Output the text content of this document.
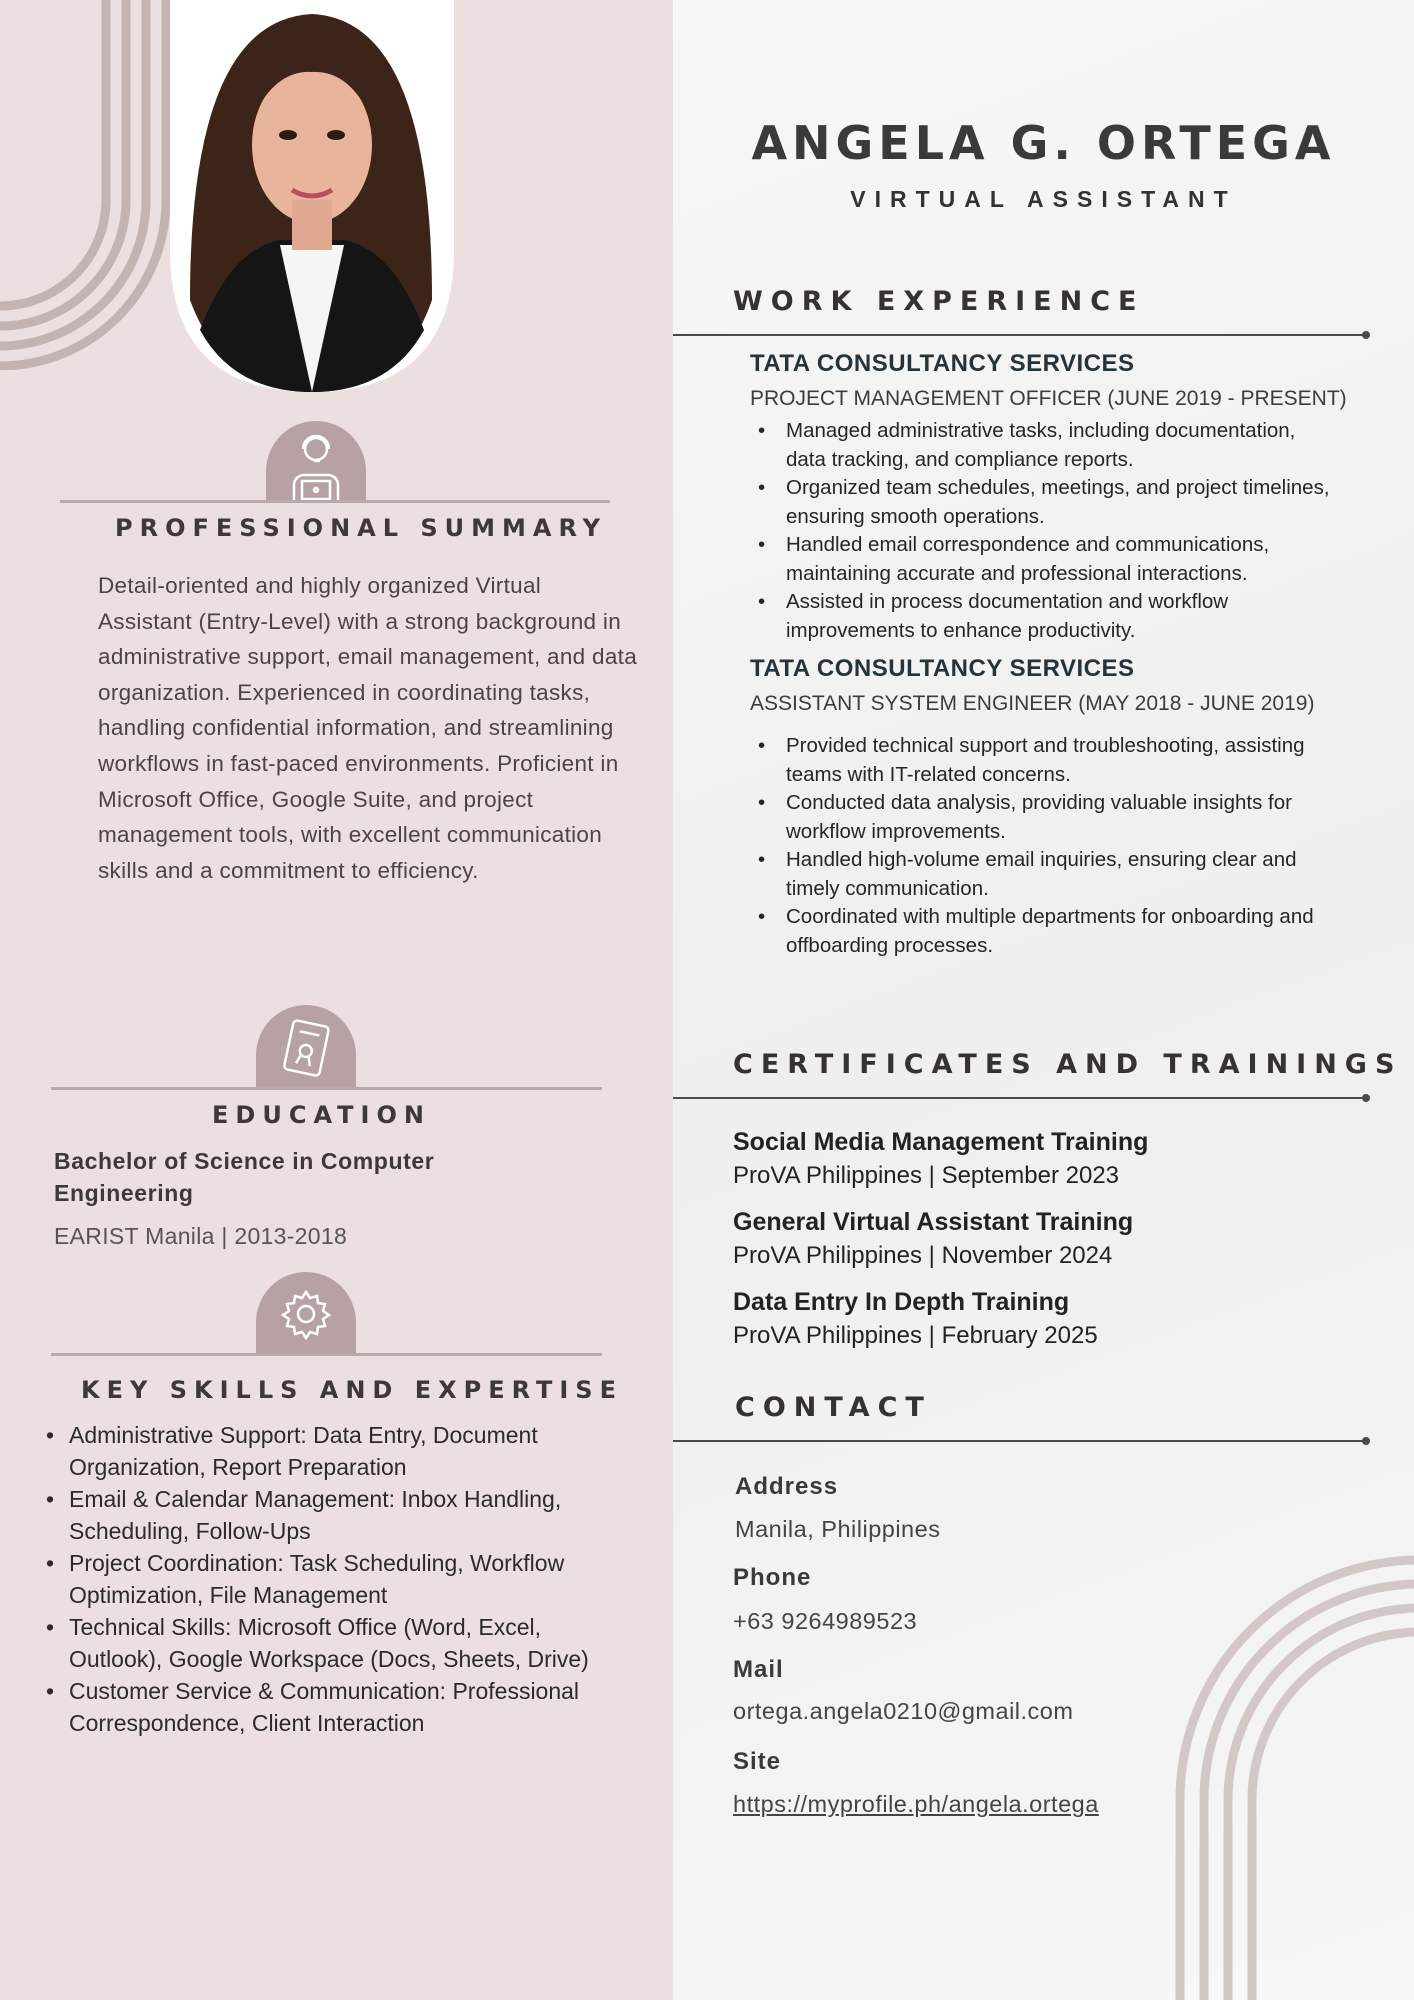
ANGELA G. ORTEGA
VIRTUAL ASSISTANT
WORK EXPERIENCE
TATA CONSULTANCY SERVICES
PROJECT MANAGEMENT OFFICER (JUNE 2019 - PRESENT)
• Managed administrative tasks, including documentation, data tracking, and compliance reports.
• Organized team schedules, meetings, and project timelines, ensuring smooth operations.
• Handled email correspondence and communications, maintaining accurate and professional interactions.
• Assisted in process documentation and workflow improvements to enhance productivity.
TATA CONSULTANCY SERVICES
ASSISTANT SYSTEM ENGINEER (MAY 2018 - JUNE 2019)
• Provided technical support and troubleshooting, assisting teams with IT-related concerns.
• Conducted data analysis, providing valuable insights for workflow improvements.
• Handled high-volume email inquiries, ensuring clear and timely communication.
• Coordinated with multiple departments for onboarding and offboarding processes.
CERTIFICATES AND TRAININGS
Social Media Management Training
ProVA Philippines | September 2023
General Virtual Assistant Training
ProVA Philippines | November 2024
Data Entry In Depth Training
ProVA Philippines | February 2025
CONTACT
Address
Manila, Philippines
Phone
+63 9264989523
Mail
ortega.angela0210@gmail.com
Site
https://myprofile.ph/angela.ortega
PROFESSIONAL SUMMARY
Detail-oriented and highly organized Virtual Assistant (Entry-Level) with a strong background in administrative support, email management, and data organization. Experienced in coordinating tasks, handling confidential information, and streamlining workflows in fast-paced environments. Proficient in Microsoft Office, Google Suite, and project management tools, with excellent communication skills and a commitment to efficiency.
EDUCATION
Bachelor of Science in Computer Engineering
EARIST Manila | 2013-2018
KEY SKILLS AND EXPERTISE
• Administrative Support: Data Entry, Document Organization, Report Preparation
• Email & Calendar Management: Inbox Handling, Scheduling, Follow-Ups
• Project Coordination: Task Scheduling, Workflow Optimization, File Management
• Technical Skills: Microsoft Office (Word, Excel, Outlook), Google Workspace (Docs, Sheets, Drive)
• Customer Service & Communication: Professional Correspondence, Client Interaction
